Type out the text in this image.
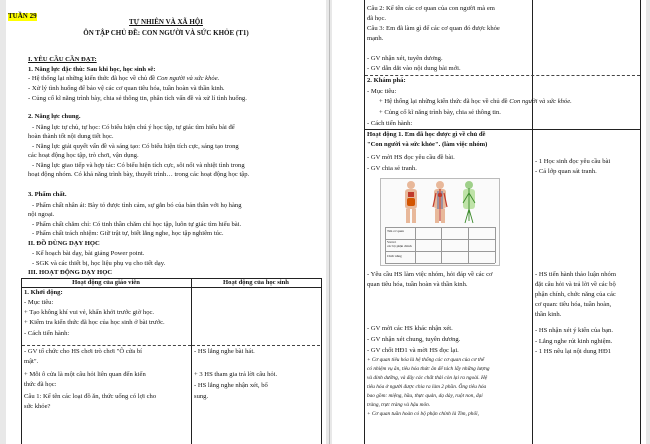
TUẦN 29
TỰ NHIÊN VÀ XÃ HỘI
ÔN TẬP CHỦ ĐỀ: CON NGƯỜI VÀ SỨC KHỎE (T1)
I. YÊU CẦU CẦN ĐẠT:
1. Năng lực đặc thù: Sau khi học, học sinh sẽ:
- Hệ thống lại những kiến thức đã học về chủ đề Con người và sức khỏe.
- Xử lý tình huống để bảo vệ các cơ quan tiêu hóa, tuần hoàn và thần kinh.
- Củng cố kĩ năng trình bày, chia sẻ thông tin, phân tích vấn đề và xử lí tình huống.
2. Năng lực chung.
- Năng lực tự chủ, tự học: Có biểu hiện chú ý học tập, tự giác tìm hiểu bài để
hoàn thành tốt nội dung tiết học.
- Năng lực giải quyết vấn đề và sáng tạo: Có biểu hiện tích cực, sáng tạo trong
các hoạt động học tập, trò chơi, vận dụng.
- Năng lực giao tiếp và hợp tác: Có biểu hiện tích cực, sôi nổi và nhiệt tình trong
hoạt động nhóm. Có khả năng trình bày, thuyết trình… trong các hoạt động học tập.
3. Phẩm chất.
- Phẩm chất nhân ái: Bày tỏ được tình cảm, sự gắn bó của bản thân với họ hàng
nội ngoại.
- Phẩm chất chăm chỉ: Có tinh thần chăm chỉ học tập, luôn tự giác tìm hiểu bài.
- Phẩm chất trách nhiệm: Giữ trật tự, biết lắng nghe, học tập nghiêm túc.
II. ĐỒ DÙNG DẠY HỌC
- Kế hoạch bài dạy, bài giảng Power point.
- SGK và các thiết bị, học liệu phụ vụ cho tiết dạy.
III. HOẠT ĐỘNG DẠY HỌC
Hoạt động của giáo viên	Hoạt động của học sinh
1. Khởi động:
- Mục tiêu:
+ Tạo không khí vui vẻ, khấn khởi trước giờ học.
+ Kiểm tra kiến thức đã học của học sinh ở bài trước.
- Cách tiến hành:
- GV tổ chức cho HS chơi trò chơi "Ô cửa bí
mật".
+ Mỗi ô cửa là một câu hỏi liên quan đến kiến
thức đã học:
Câu 1: Kể tên các loại đồ ăn, thức uống có lợi cho
sức khỏe?
- HS lắng nghe bài hát.
+ 3 HS tham gia trả lời câu hỏi.
- HS lắng nghe nhận xét, bổ
sung.
Câu 2: Kể tên các cơ quan của con người mà em
đã học.
Câu 3: Em đã làm gì để các cơ quan đó được khỏe
mạnh.
- GV nhận xét, tuyên dương.
- GV dẫn dắt vào nội dung bài mới.
2. Khám phá:
- Mục tiêu:
+ Hệ thống lại những kiến thức đã học về chủ đề Con người và sức khỏe.
+ Củng cố kĩ năng trình bày, chia sẻ thông tin.
- Cách tiến hành:
Hoạt động 1. Em đã học được gì về chủ đề
"Con người và sức khỏe". (làm việc nhóm)
- GV mời HS đọc yêu cầu đề bài.
- GV chia sẻ tranh.
- 1 Học sinh đọc yêu cầu bài
- Cả lớp quan sát tranh.
Tên cơ quan
Vai trò
các bộ phận chính
Chức năng
- Yêu cầu HS làm việc nhóm, hỏi đáp về các cơ
quan tiêu hóa, tuần hoàn và thần kinh.
- HS tiến hành thảo luận nhóm
đặt câu hỏi và trả lời về các bộ
phận chính, chức năng của các
cơ quan: tiêu hóa, tuần hoàn,
thần kinh.
- GV mời các HS khác nhận xét.
- GV nhận xét chung, tuyên dương.
- GV chốt HĐ1 và mời HS đọc lại.
- HS nhận xét ý kiến của bạn.
- Lắng nghe rút kinh nghiệm.
- 1 HS nêu lại nội dung HĐ1
+ Cơ quan tiêu hóa là hệ thống các cơ quan của cơ thể
có nhiệm vụ ăn, tiêu hóa thức ăn để tách lấy những lượng
và dinh dưỡng, và đây các chất thải còn lại ra ngoài. Hệ
tiêu hóa ở người được chia ra làm 2 phần. Ống tiêu hóa
bao gồm: miệng, hầu, thực quản, dạ dày, ruột non, đại
tràng, trực tràng và hậu môn.
+ Cơ quan tuần hoàn có bộ phận chính là Tim, phổi,
